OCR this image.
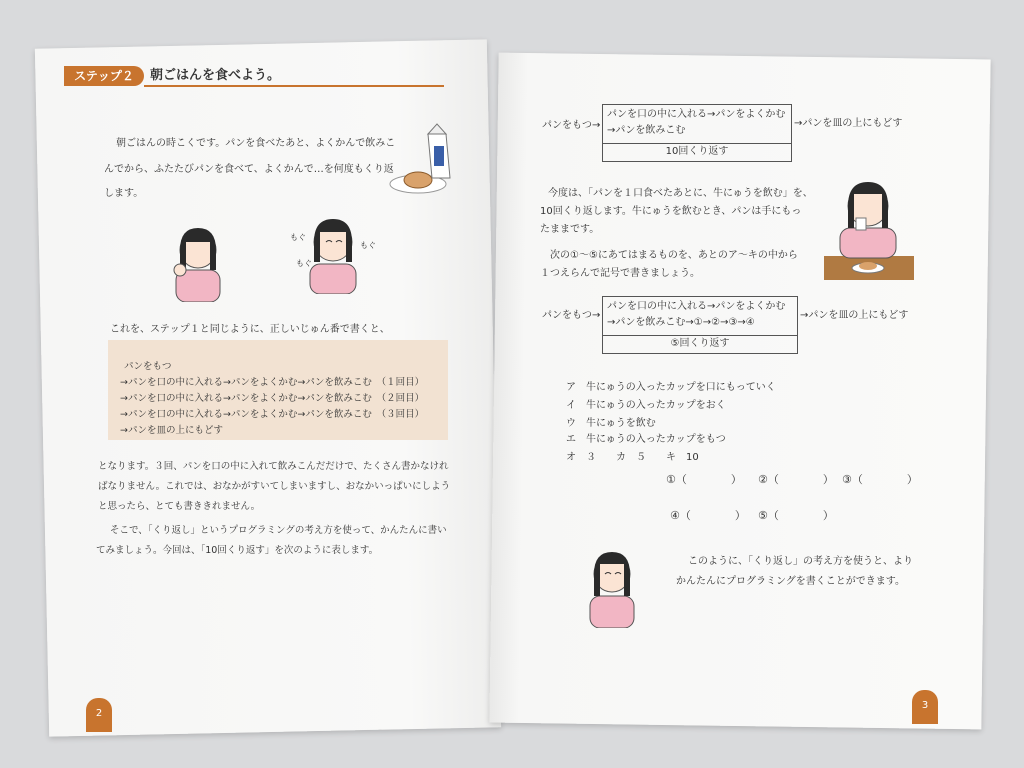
ステップ２	朝ごはんを食べよう。
朝ごはんの時こくです。パンを食べたあと、よくかんで飲みこ
んでから、ふたたびパンを食べて、よくかんで…を何度もくり返
します。
もぐ
もぐ
もぐ
これを、ステップ１と同じように、正しいじゅん番で書くと、
パンをもつ
→パンを口の中に入れる→パンをよくかむ→パンを飲みこむ　（１回目）
→パンを口の中に入れる→パンをよくかむ→パンを飲みこむ　（２回目）
→パンを口の中に入れる→パンをよくかむ→パンを飲みこむ　（３回目）
→パンを皿の上にもどす
となります。３回、パンを口の中に入れて飲みこんだだけで、たくさん書かなけれ
ばなりません。これでは、おなかがすいてしまいますし、おなかいっぱいにしよう
と思ったら、とても書ききれません。
そこで、「くり返し」というプログラミングの考え方を使って、かんたんに書い
てみましょう。今回は、「10回くり返す」を次のように表します。
2
パンをもつ→
パンを口の中に入れる→パンをよくかむ
→パンを飲みこむ
10回くり返す
→パンを皿の上にもどす
今度は、「パンを１口食べたあとに、牛にゅうを飲む」を、
10回くり返します。牛にゅうを飲むとき、パンは手にもっ
たままです。
次の①～⑤にあてはまるものを、あとのア～キの中から
１つえらんで記号で書きましょう。
パンをもつ→
パンを口の中に入れる→パンをよくかむ
→パンを飲みこむ→①→②→③→④
⑤回くり返す
→パンを皿の上にもどす
ア　牛にゅうの入ったカップを口にもっていく
イ　牛にゅうの入ったカップをおく
ウ　牛にゅうを飲む
エ　牛にゅうの入ったカップをもつ
オ　３　　カ　５　　キ　10
①（　　　　） ②（　　　　） ③（　　　　）
④（　　　　） ⑤（　　　　）
このように、「くり返し」の考え方を使うと、より
かんたんにプログラミングを書くことができます。
3
